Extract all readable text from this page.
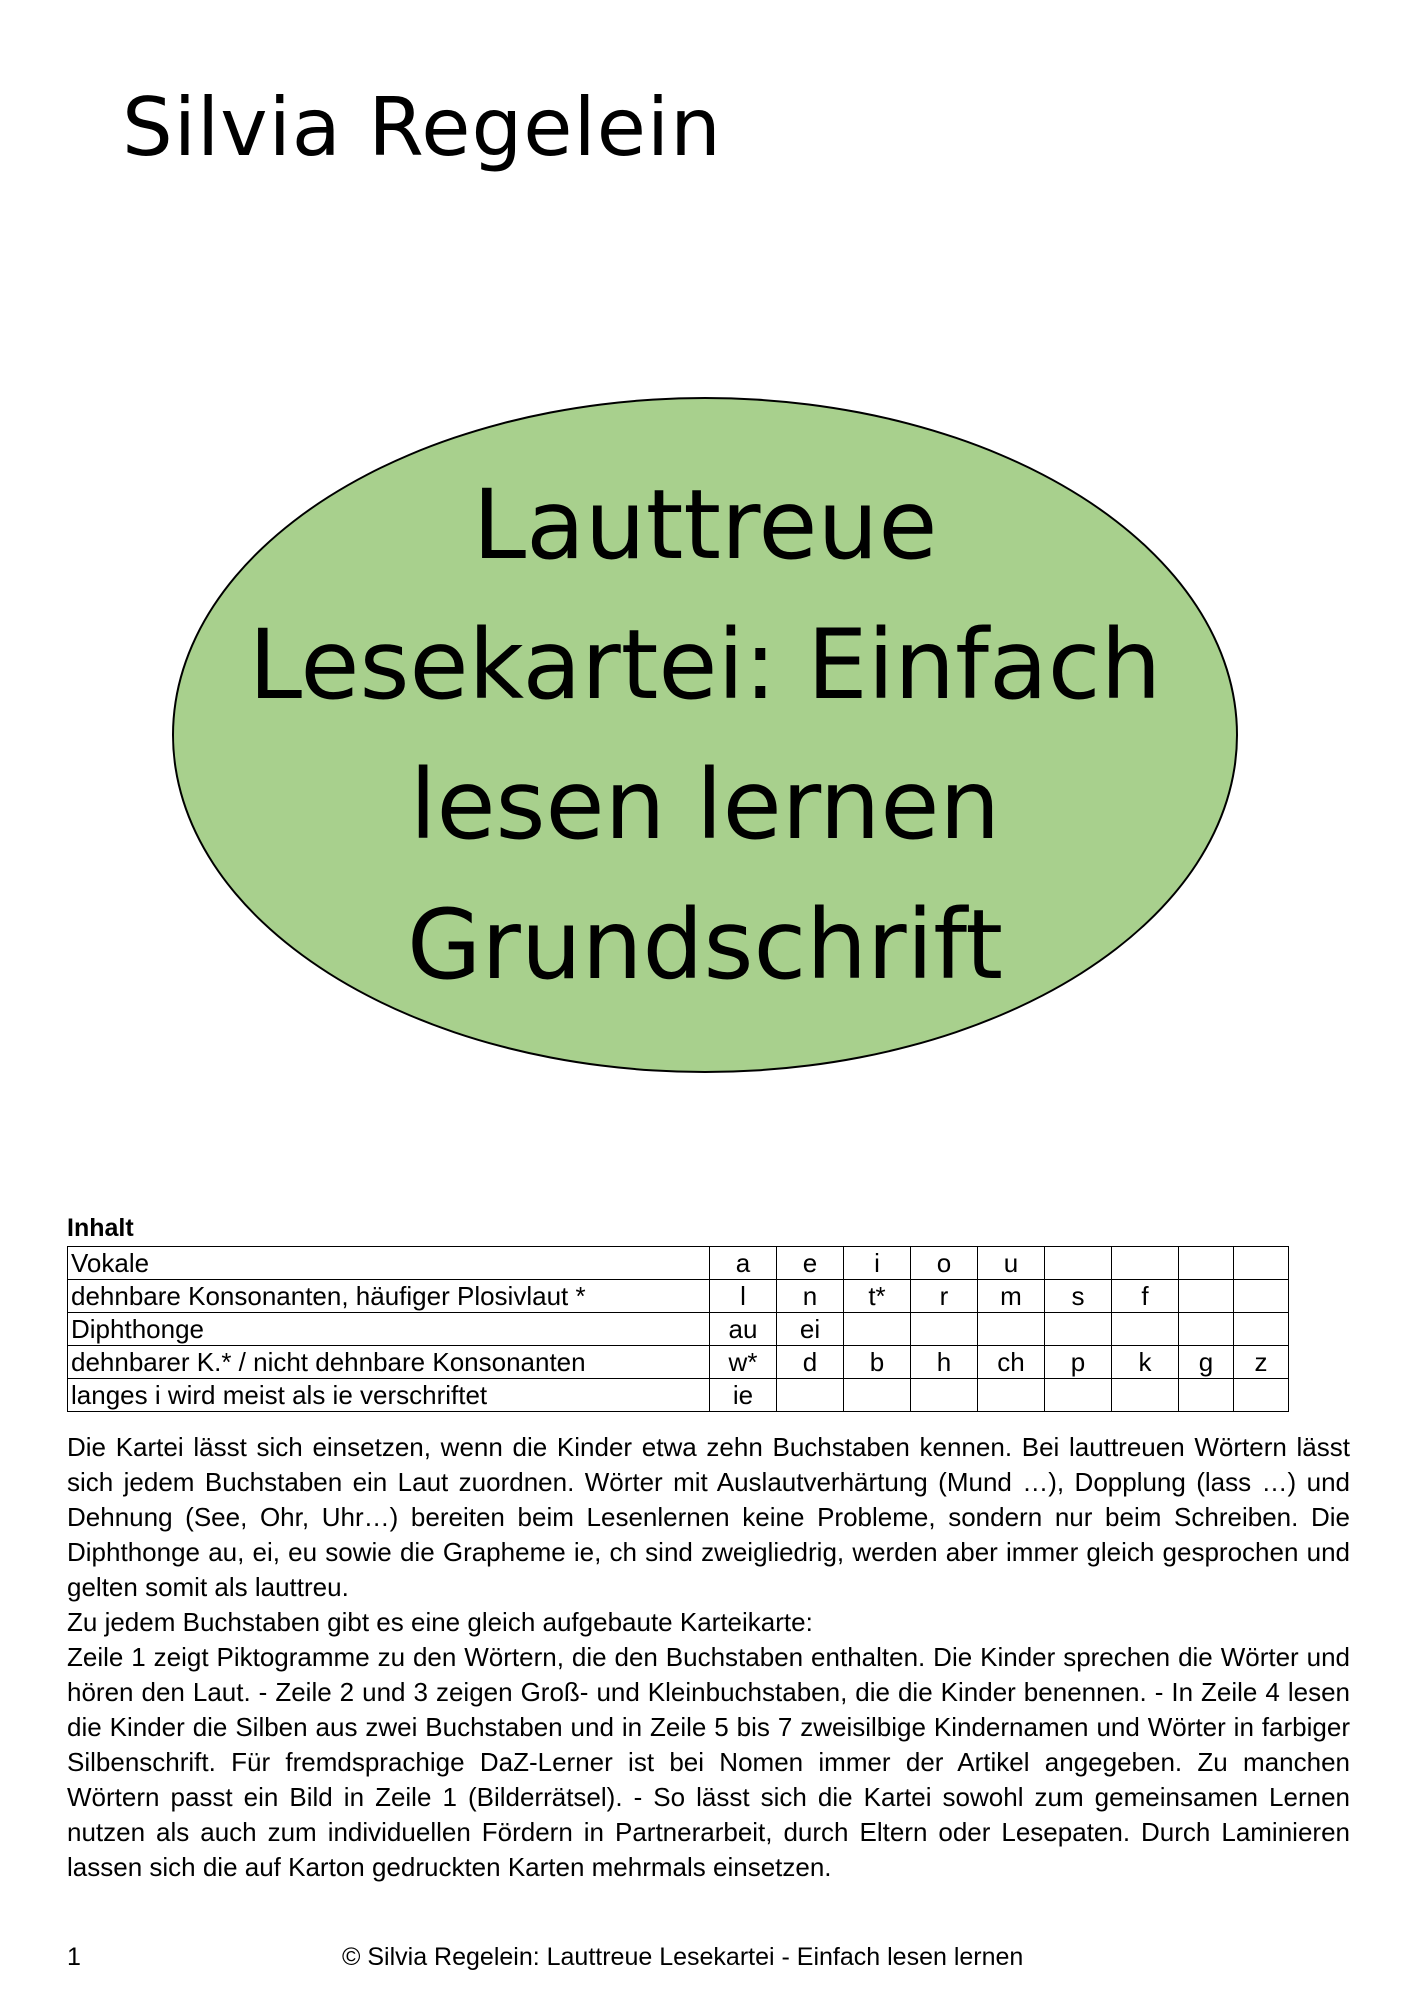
Silvia Regelein
Lauttreue
Lesekartei: Einfach
lesen lernen
Grundschrift
Inhalt
Vokale	a	e	i	o	u				
dehnbare Konsonanten, häufiger Plosivlaut *	l	n	t*	r	m	s	f		
Diphthonge	au	ei							
dehnbarer K.* / nicht dehnbare Konsonanten	w*	d	b	h	ch	p	k	g	z
langes i wird meist als ie verschriftet	ie								

Die Kartei lässt sich einsetzen, wenn die Kinder etwa zehn Buchstaben kennen. Bei lauttreuen Wörtern lässt sich jedem Buchstaben ein Laut zuordnen. Wörter mit Auslautverhärtung (Mund …), Dopplung (lass …) und Dehnung (See, Ohr, Uhr…) bereiten beim Lesenlernen keine Probleme, sondern nur beim Schreiben. Die Diphthonge au, ei, eu sowie die Grapheme ie, ch sind zweigliedrig, werden aber immer gleich gesprochen und gelten somit als lauttreu.

Zu jedem Buchstaben gibt es eine gleich aufgebaute Karteikarte:

Zeile 1 zeigt Piktogramme zu den Wörtern, die den Buchstaben enthalten. Die Kinder sprechen die Wörter und hören den Laut. - Zeile 2 und 3 zeigen Groß- und Kleinbuchstaben, die die Kinder benennen. - In Zeile 4 lesen die Kinder die Silben aus zwei Buchstaben und in Zeile 5 bis 7 zweisilbige Kindernamen und Wörter in farbiger Silbenschrift. Für fremdsprachige DaZ-Lerner ist bei Nomen immer der Artikel angegeben. Zu manchen Wörtern passt ein Bild in Zeile 1 (Bilderrätsel). - So lässt sich die Kartei sowohl zum gemeinsamen Lernen nutzen als auch zum individuellen Fördern in Partnerarbeit, durch Eltern oder Lesepaten. Durch Laminieren lassen sich die auf Karton gedruckten Karten mehrmals einsetzen.

1	© Silvia Regelein: Lauttreue Lesekartei - Einfach lesen lernen
